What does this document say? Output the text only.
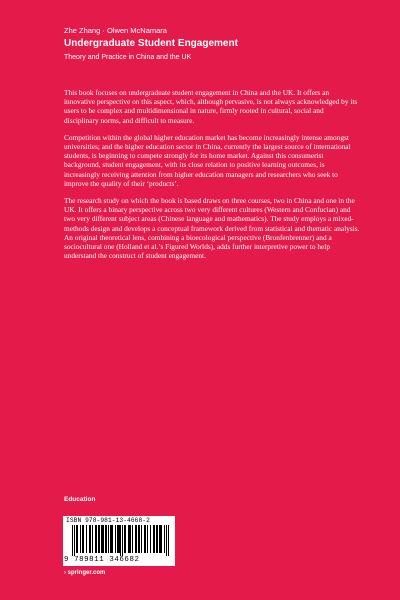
Zhe Zhang · Olwen McNamara

Undergraduate Student Engagement

Theory and Practice in China and the UK

This book focuses on undergraduate student engagement in China and the UK. It offers an innovative perspective on this aspect, which, although pervasive, is not always acknowledged by its users to be complex and multidimensional in nature, firmly rooted in cultural, social and disciplinary norms, and difficult to measure.

Competition within the global higher education market has become increasingly intense amongst universities; and the higher education sector in China, currently the largest source of international students, is beginning to compete strongly for its home market. Against this consumerist background, student engagement, with its close relation to positive learning outcomes, is increasingly receiving attention from higher education managers and researchers who seek to improve the quality of their ‘products’.

The research study on which the book is based draws on three courses, two in China and one in the UK. It offers a binary perspective across two very different cultures (Western and Confucian) and two very different subject areas (Chinese language and mathematics). The study employs a mixed-methods design and develops a conceptual framework derived from statistical and thematic analysis. An original theoretical lens, combining a bioecological perspective (Bronfenbrenner) and a sociocultural one (Holland et al.’s Figured Worlds), adds further interpretive power to help understand the construct of student engagement.

Education

ISBN 978-981-13-4668-2
9 789811 346682
› springer.com
